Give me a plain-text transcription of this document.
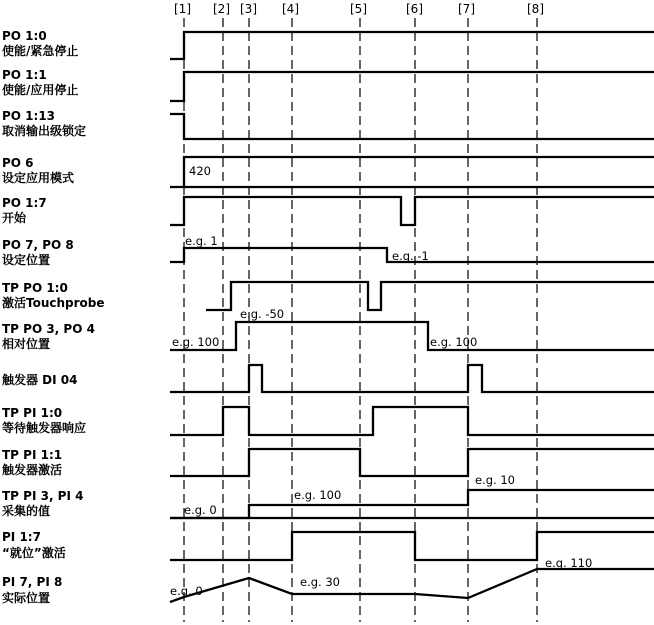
[1] [2] [3] [4]	[5]	[6]	[7]	[8]
PO 1:0
使能/紧急停止
PO 1:1
使能/应用停止
PO 1:13
取消输出级锁定
PO 6
设定应用模式
PO 1:7
开始
PO 7, PO 8
设定位置
TP PO 1:0
激活Touchprobe
TP PO 3, PO 4
相对位置
触发器 DI 04
TP PI 1:0
等待触发器响应
TP PI 1:1
触发器激活
TP PI 3, PI 4
采集的值
PI 1:7
“就位”激活
PI 7, PI 8
实际位置
420
e.g. 1
e.g. -1
e.g. 100
e.g. -50
e.g. 100
e.g. 0
e.g. 100
e.g. 10
e.g. 0
e.g. 30
e.g. 110
